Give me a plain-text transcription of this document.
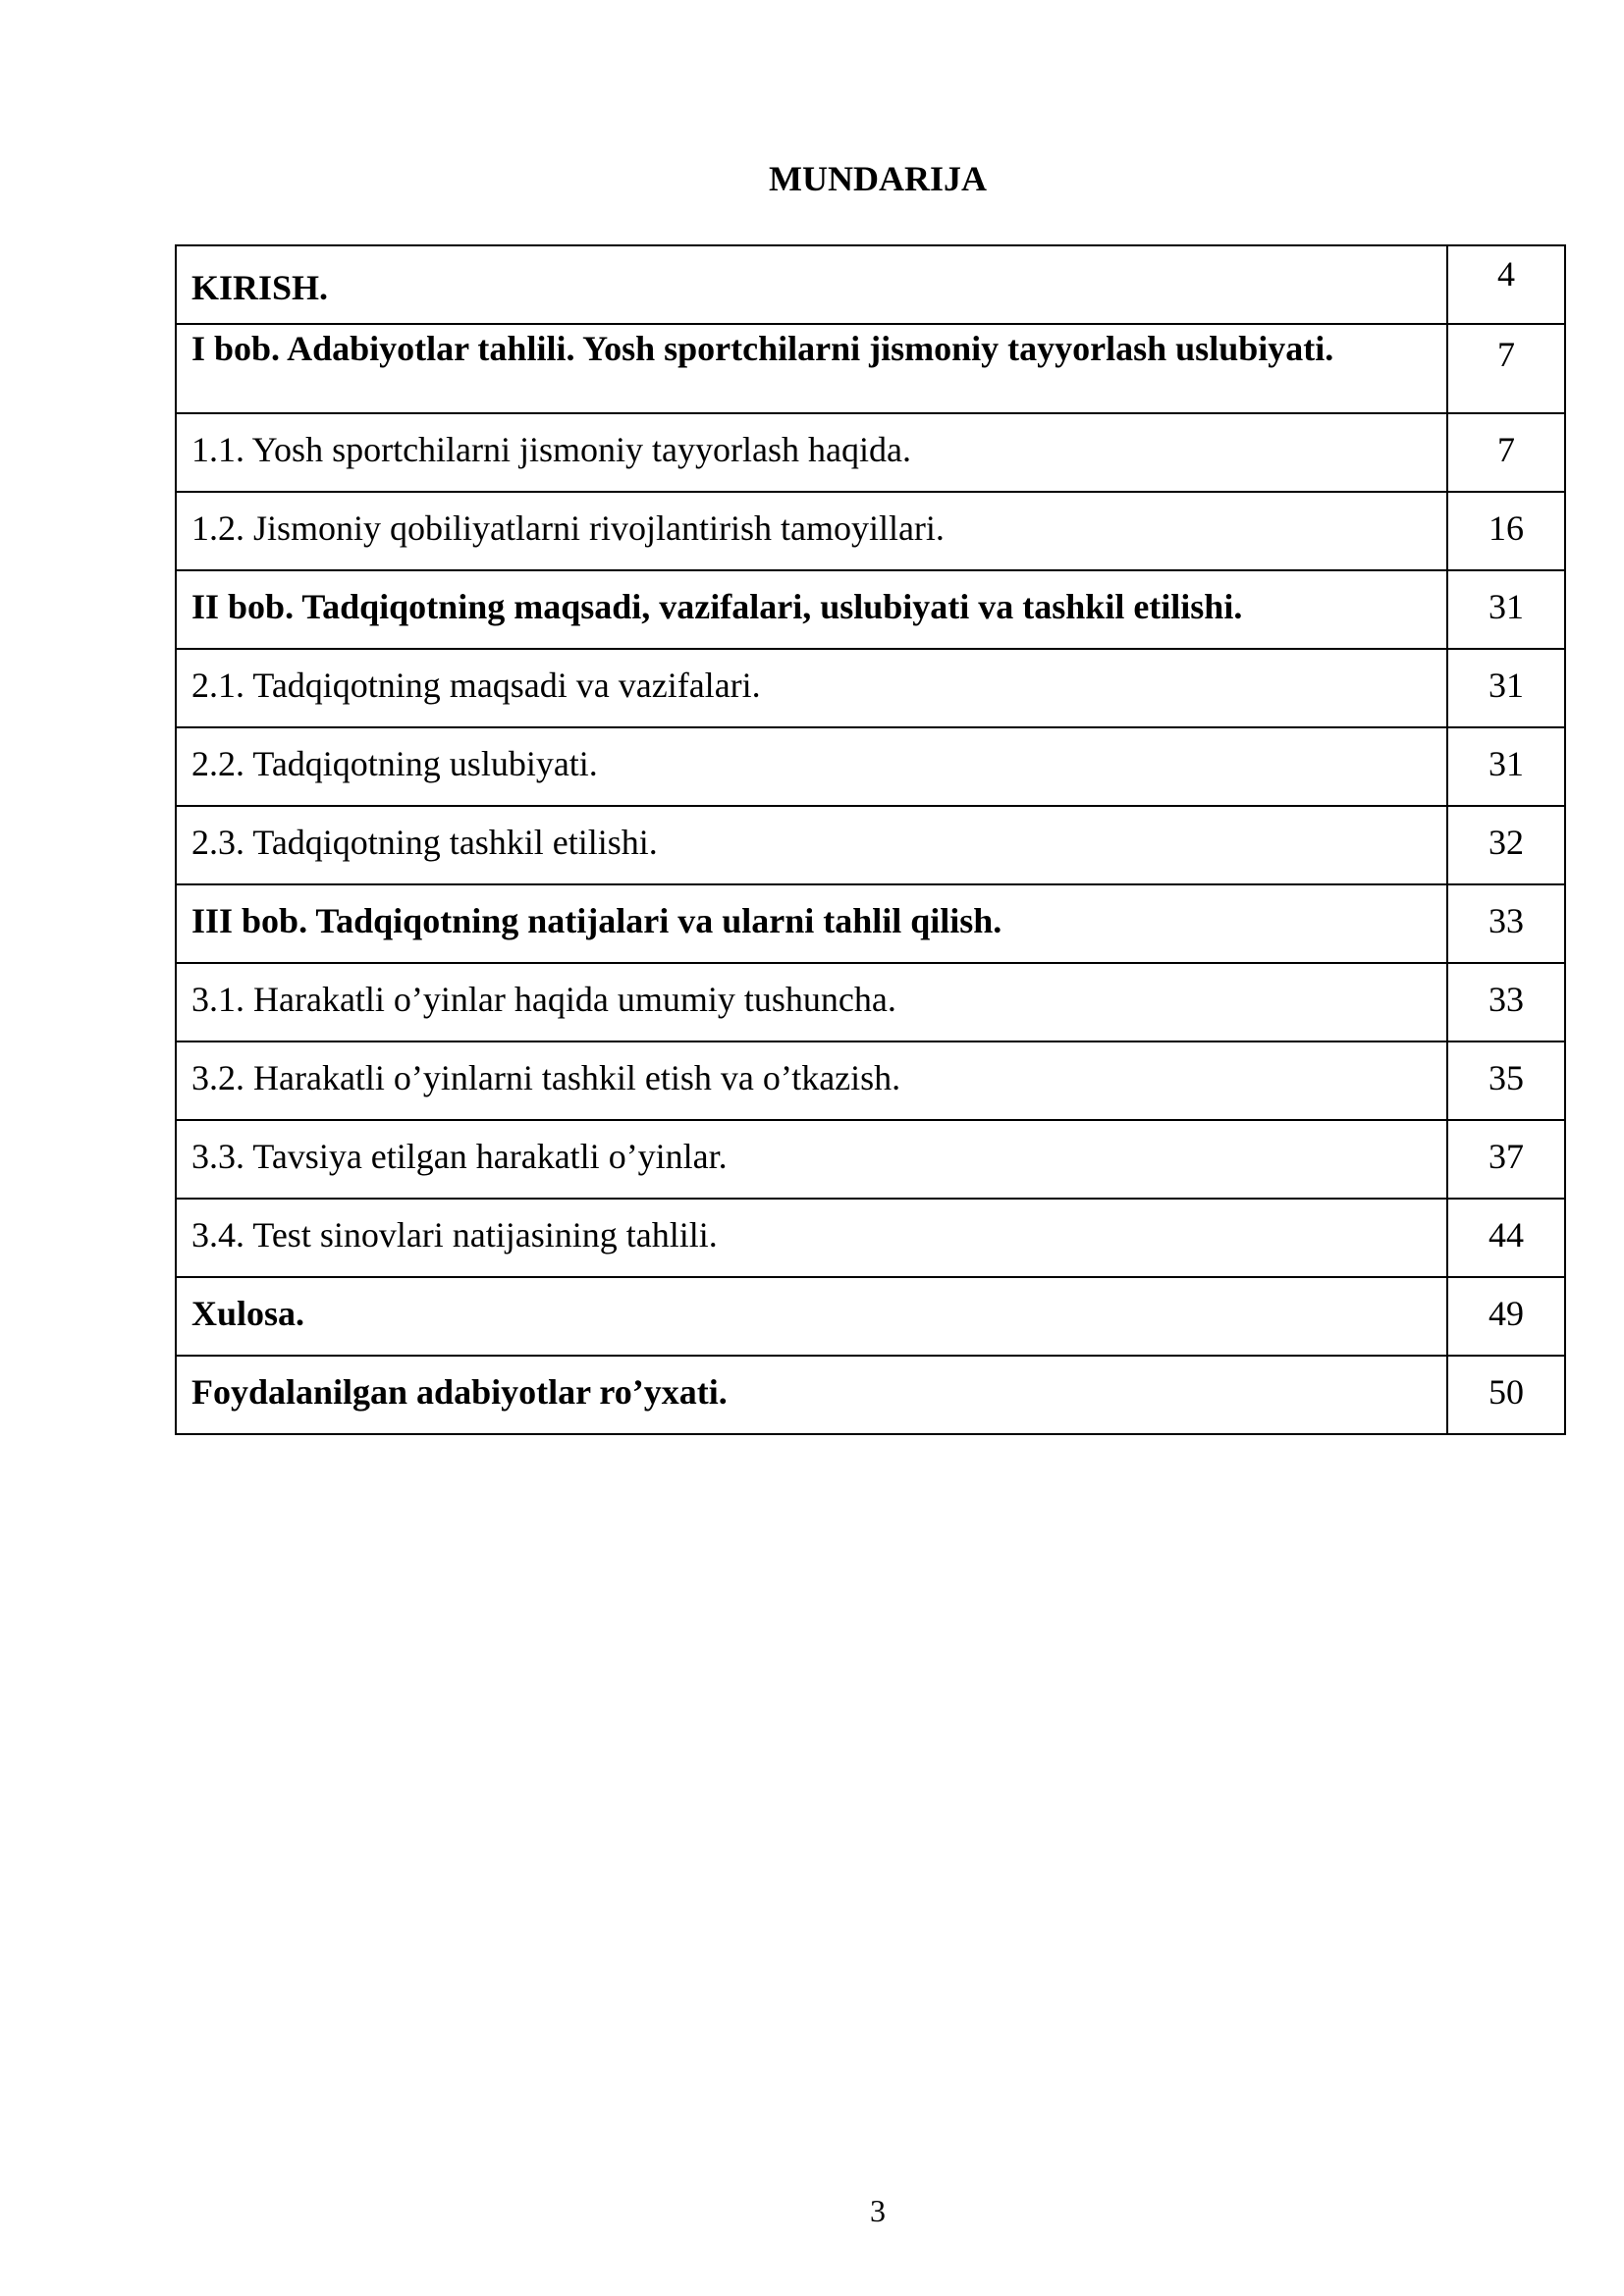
MUNDARIJA
KIRISH.	4
I bob. Adabiyotlar tahlili. Yosh sportchilarni jismoniy tayyorlash uslubiyati.	7
1.1. Yosh sportchilarni jismoniy tayyorlash haqida.	7
1.2. Jismoniy qobiliyatlarni rivojlantirish tamoyillari.	16
II bob. Tadqiqotning maqsadi, vazifalari, uslubiyati va tashkil etilishi.	31
2.1. Tadqiqotning maqsadi va vazifalari.	31
2.2. Tadqiqotning uslubiyati.	31
2.3. Tadqiqotning tashkil etilishi.	32
III bob. Tadqiqotning natijalari va ularni tahlil qilish.	33
3.1. Harakatli o’yinlar haqida umumiy tushuncha.	33
3.2. Harakatli o’yinlarni tashkil etish va o’tkazish.	35
3.3. Tavsiya etilgan harakatli o’yinlar.	37
3.4. Test sinovlari natijasining tahlili.	44
Xulosa.	49
Foydalanilgan adabiyotlar ro’yxati.	50
3
